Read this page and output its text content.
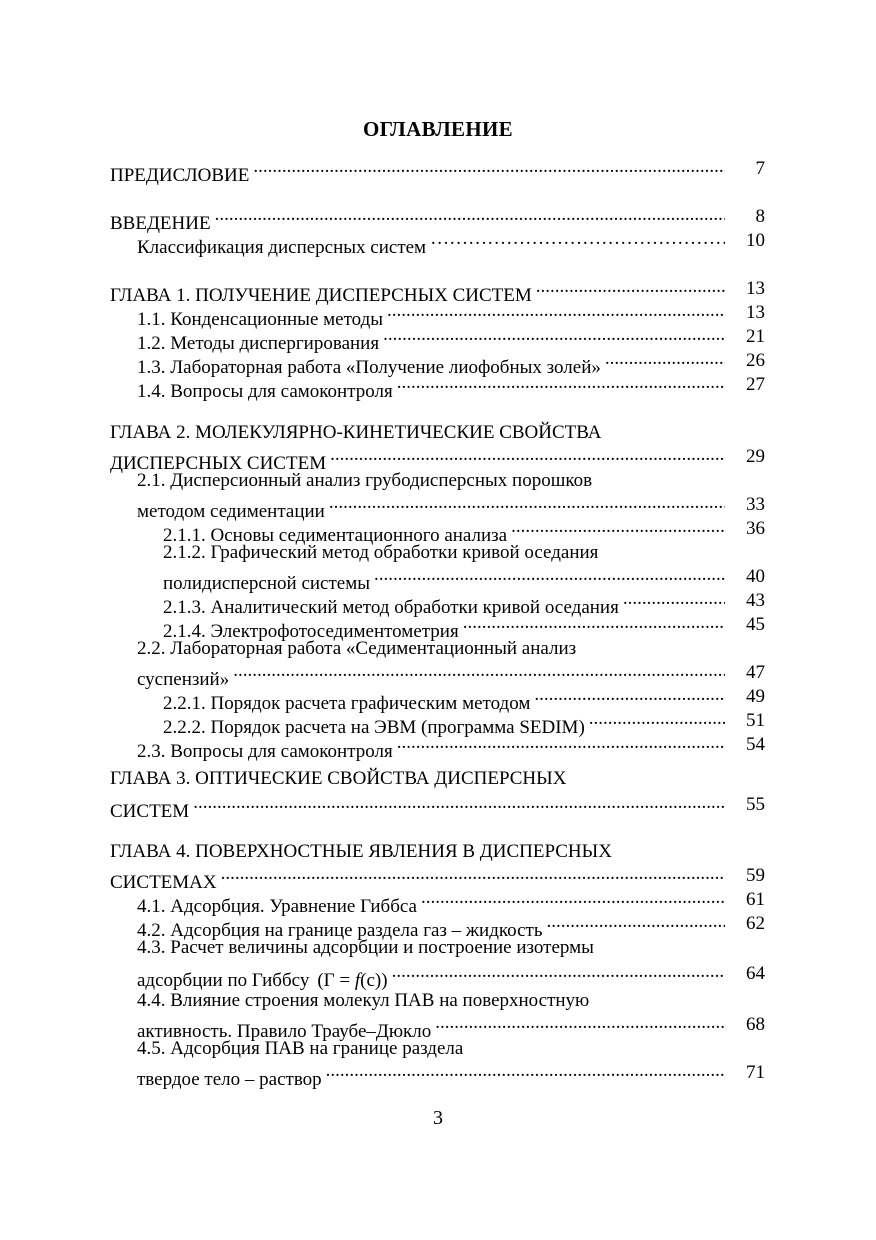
ОГЛАВЛЕНИЕ
ПРЕДИСЛОВИЕ .....	7
ВВЕДЕНИЕ .....	8
Классификация дисперсных систем …………………………………………………………………………………………………………………………………………………………	10
ГЛАВА 1. ПОЛУЧЕНИЕ ДИСПЕРСНЫХ СИСТЕМ .....	13
1.1. Конденсационные методы .....	13
1.2. Методы диспергирования .....	21
1.3. Лабораторная работа «Получение лиофобных золей» .....	26
1.4. Вопросы для самоконтроля .....	27
ГЛАВА 2. МОЛЕКУЛЯРНО-КИНЕТИЧЕСКИЕ СВОЙСТВА
ДИСПЕРСНЫХ СИСТЕМ .....	29
2.1. Дисперсионный анализ грубодисперсных порошков
методом седиментации .....	33
2.1.1. Основы седиментационного анализа .....	36
2.1.2. Графический метод обработки кривой оседания
полидисперсной системы .....	40
2.1.3. Аналитический метод обработки кривой оседания .....	43
2.1.4. Электрофотоседиментометрия .....	45
2.2. Лабораторная работа «Седиментационный анализ
суспензий» .....	47
2.2.1. Порядок расчета графическим методом .....	49
2.2.2. Порядок расчета на ЭВМ (программа SEDIM) .....	51
2.3. Вопросы для самоконтроля .....	54
ГЛАВА 3. ОПТИЧЕСКИЕ СВОЙСТВА ДИСПЕРСНЫХ
СИСТЕМ .....	55
ГЛАВА 4. ПОВЕРХНОСТНЫЕ ЯВЛЕНИЯ В ДИСПЕРСНЫХ
СИСТЕМАХ .....	59
4.1. Адсорбция. Уравнение Гиббса .....	61
4.2. Адсорбция на границе раздела газ – жидкость .....	62
4.3. Расчет величины адсорбции и построение изотермы
адсорбции по Гиббсу (Γ = f(c)) .....	64
4.4. Влияние строения молекул ПАВ на поверхностную
активность. Правило Траубе–Дюкло .....	68
4.5. Адсорбция ПАВ на границе раздела
твердое тело – раствор .....	71
3
